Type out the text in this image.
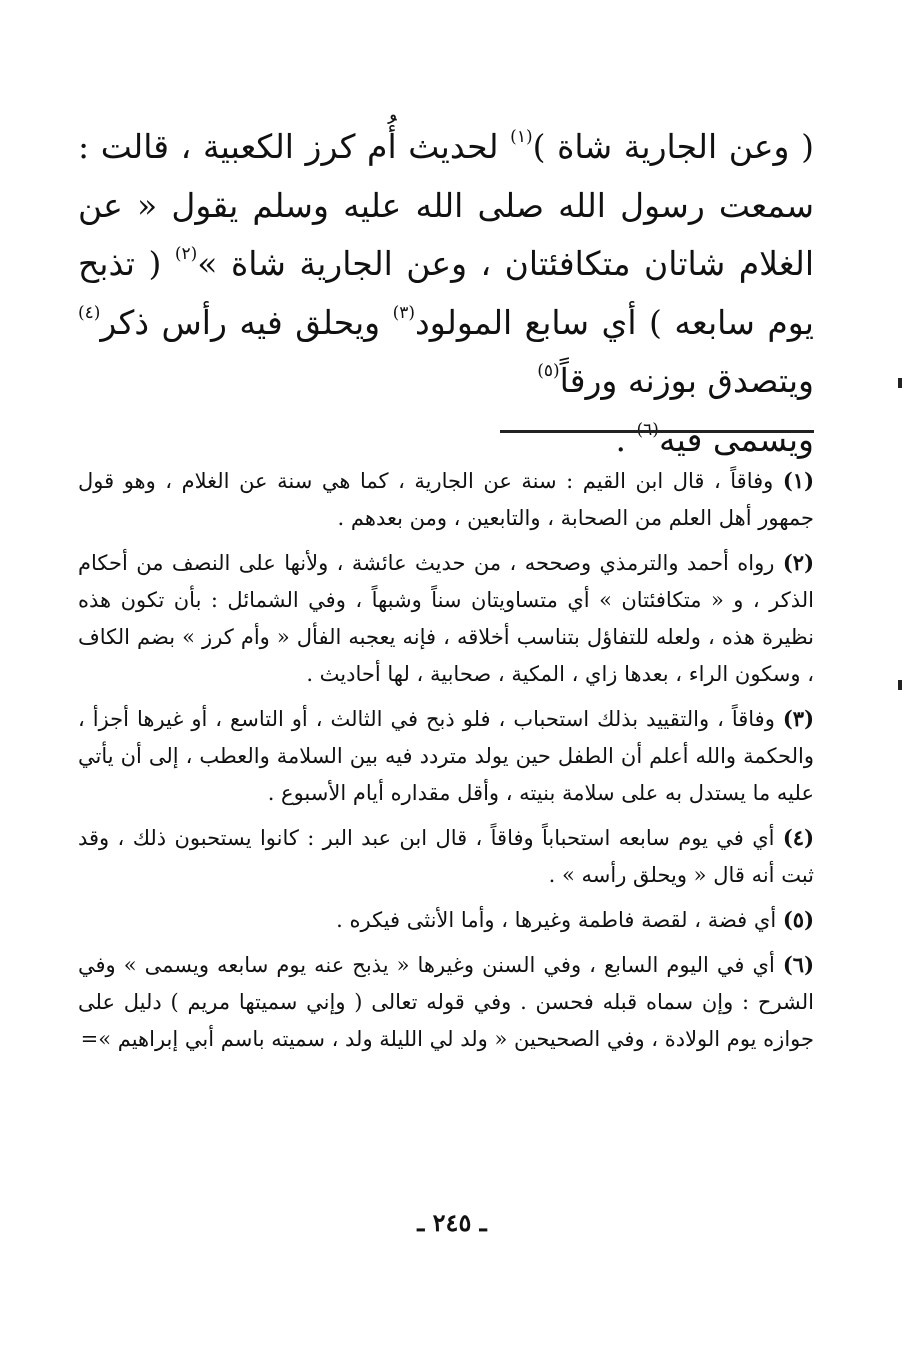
( وعن الجارية شاة )$^{(١)}$ لحديث أُم كرز الكعبية ، قالت : سمعت رسول الله صلى الله عليه وسلم يقول « عن الغلام شاتان متكافئتان ، وعن الجارية شاة »$^{(٢)}$ ( تذبح يوم سابعه ) أي سابع المولود$^{(٣)}$ ويحلق فيه رأس ذكر$^{(٤)}$ ويتصدق بوزنه ورقاً$^{(٥)}$
ويسمى فيه$^{(٦)}$ .

(١) وفاقاً ، قال ابن القيم : سنة عن الجارية ، كما هي سنة عن الغلام ، وهو قول جمهور أهل العلم من الصحابة ، والتابعين ، ومن بعدهم .

(٢) رواه أحمد والترمذي وصححه ، من حديث عائشة ، ولأنها على النصف من أحكام الذكر ، و « متكافئتان » أي متساويتان سناً وشبهاً ، وفي الشمائل : بأن تكون هذه نظيرة هذه ، ولعله للتفاؤل بتناسب أخلاقه ، فإنه يعجبه الفأل « وأم كرز » بضم الكاف ، وسكون الراء ، بعدها زاي ، المكية ، صحابية ، لها أحاديث .

(٣) وفاقاً ، والتقييد بذلك استحباب ، فلو ذبح في الثالث ، أو التاسع ، أو غيرها أجزأ ، والحكمة والله أعلم أن الطفل حين يولد متردد فيه بين السلامة والعطب ، إلى أن يأتي عليه ما يستدل به على سلامة بنيته ، وأقل مقداره أيام الأسبوع .

(٤) أي في يوم سابعه استحباباً وفاقاً ، قال ابن عبد البر : كانوا يستحبون ذلك ، وقد ثبت أنه قال « ويحلق رأسه » .

(٥) أي فضة ، لقصة فاطمة وغيرها ، وأما الأنثى فيكره .

(٦) أي في اليوم السابع ، وفي السنن وغيرها « يذبح عنه يوم سابعه ويسمى » وفي الشرح : وإن سماه قبله فحسن . وفي قوله تعالى ( وإني سميتها مريم ) دليل على جوازه يوم الولادة ، وفي الصحيحين « ولد لي الليلة ولد ، سميته باسم أبي إبراهيم »=

ـ ٢٤٥ ـ
